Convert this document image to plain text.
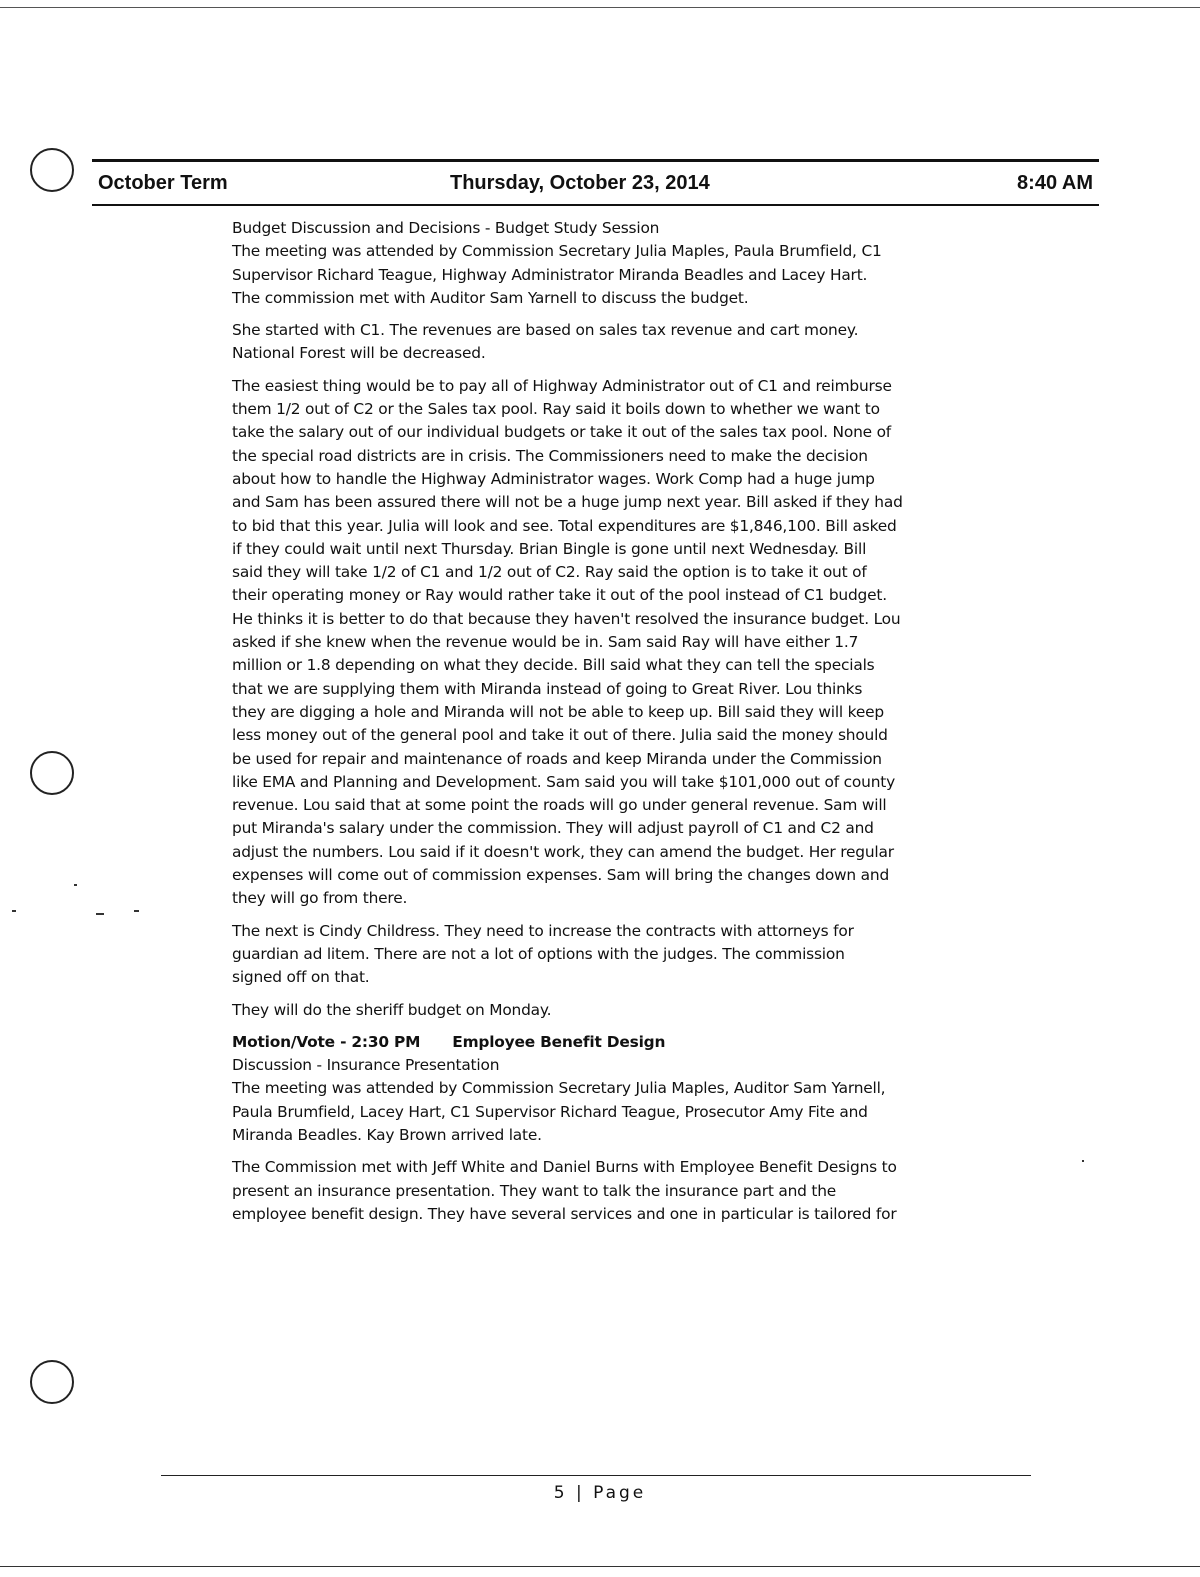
October Term	Thursday, October 23, 2014	8:40 AM

Budget Discussion and Decisions - Budget Study Session
The meeting was attended by Commission Secretary Julia Maples, Paula Brumfield, C1
Supervisor Richard Teague, Highway Administrator Miranda Beadles and Lacey Hart.
The commission met with Auditor Sam Yarnell to discuss the budget.

She started with C1. The revenues are based on sales tax revenue and cart money.
National Forest will be decreased.

The easiest thing would be to pay all of Highway Administrator out of C1 and reimburse
them 1/2 out of C2 or the Sales tax pool. Ray said it boils down to whether we want to
take the salary out of our individual budgets or take it out of the sales tax pool. None of
the special road districts are in crisis. The Commissioners need to make the decision
about how to handle the Highway Administrator wages. Work Comp had a huge jump
and Sam has been assured there will not be a huge jump next year. Bill asked if they had
to bid that this year. Julia will look and see. Total expenditures are $1,846,100. Bill asked
if they could wait until next Thursday. Brian Bingle is gone until next Wednesday. Bill
said they will take 1/2 of C1 and 1/2 out of C2. Ray said the option is to take it out of
their operating money or Ray would rather take it out of the pool instead of C1 budget.
He thinks it is better to do that because they haven't resolved the insurance budget. Lou
asked if she knew when the revenue would be in. Sam said Ray will have either 1.7
million or 1.8 depending on what they decide. Bill said what they can tell the specials
that we are supplying them with Miranda instead of going to Great River. Lou thinks
they are digging a hole and Miranda will not be able to keep up. Bill said they will keep
less money out of the general pool and take it out of there. Julia said the money should
be used for repair and maintenance of roads and keep Miranda under the Commission
like EMA and Planning and Development. Sam said you will take $101,000 out of county
revenue. Lou said that at some point the roads will go under general revenue. Sam will
put Miranda's salary under the commission. They will adjust payroll of C1 and C2 and
adjust the numbers. Lou said if it doesn't work, they can amend the budget. Her regular
expenses will come out of commission expenses. Sam will bring the changes down and
they will go from there.

The next is Cindy Childress. They need to increase the contracts with attorneys for
guardian ad litem. There are not a lot of options with the judges. The commission
signed off on that.

They will do the sheriff budget on Monday.

Motion/Vote - 2:30 PM Employee Benefit Design
Discussion - Insurance Presentation
The meeting was attended by Commission Secretary Julia Maples, Auditor Sam Yarnell,
Paula Brumfield, Lacey Hart, C1 Supervisor Richard Teague, Prosecutor Amy Fite and
Miranda Beadles. Kay Brown arrived late.

The Commission met with Jeff White and Daniel Burns with Employee Benefit Designs to
present an insurance presentation. They want to talk the insurance part and the
employee benefit design. They have several services and one in particular is tailored for

5 | Page
